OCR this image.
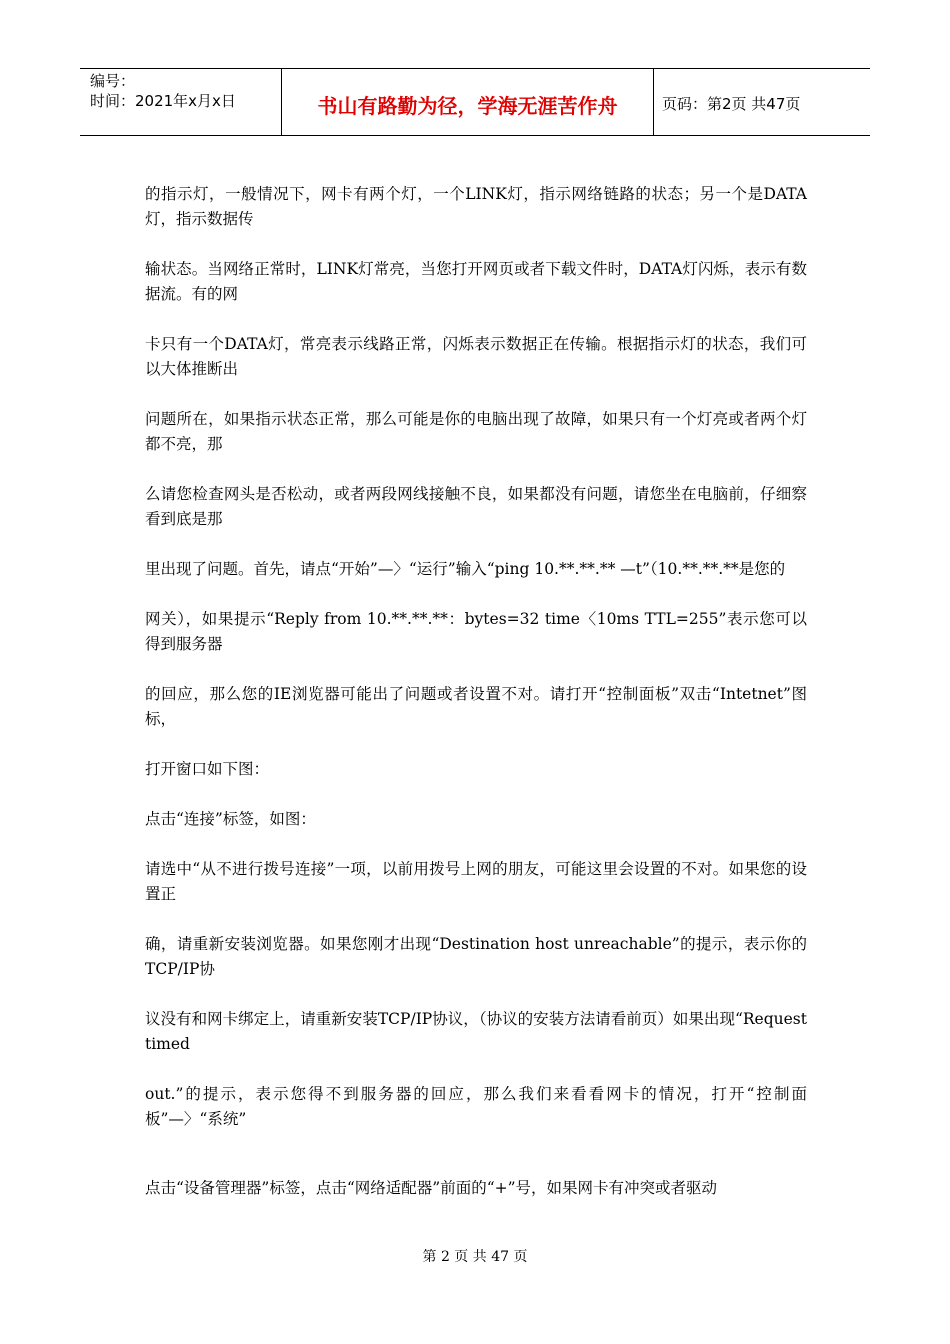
编号：
时间：2021年x月x日	书山有路勤为径，学海无涯苦作舟	页码：第2页 共47页

的指示灯，一般情况下，网卡有两个灯，一个LINK灯，指示网络链路的状态；另一个是DATA灯，指示数据传

输状态。当网络正常时，LINK灯常亮，当您打开网页或者下载文件时，DATA灯闪烁，表示有数据流。有的网

卡只有一个DATA灯，常亮表示线路正常，闪烁表示数据正在传输。根据指示灯的状态，我们可以大体推断出

问题所在，如果指示状态正常，那么可能是你的电脑出现了故障，如果只有一个灯亮或者两个灯都不亮，那

么请您检查网头是否松动，或者两段网线接触不良，如果都没有问题，请您坐在电脑前，仔细察看到底是那

里出现了问题。首先，请点“开始”—〉“运行”输入“ping 10.**.**.** —t”（10.**.**.**是您的

网关），如果提示“Reply from 10.**.**.**：bytes=32 time〈10ms TTL=255”表示您可以得到服务器

的回应，那么您的IE浏览器可能出了问题或者设置不对。请打开“控制面板”双击“Intetnet”图标，

打开窗口如下图：

点击“连接”标签，如图：

请选中“从不进行拨号连接”一项，以前用拨号上网的朋友，可能这里会设置的不对。如果您的设置正

确，请重新安装浏览器。如果您刚才出现“Destination host unreachable”的提示，表示你的TCP/IP协

议没有和网卡绑定上，请重新安装TCP/IP协议，（协议的安装方法请看前页）如果出现“Request timed

out.”的提示，表示您得不到服务器的回应，那么我们来看看网卡的情况，打开“控制面板”—〉“系统”

点击“设备管理器”标签，点击“网络适配器”前面的“+”号，如果网卡有冲突或者驱动

第 2 页 共 47 页
